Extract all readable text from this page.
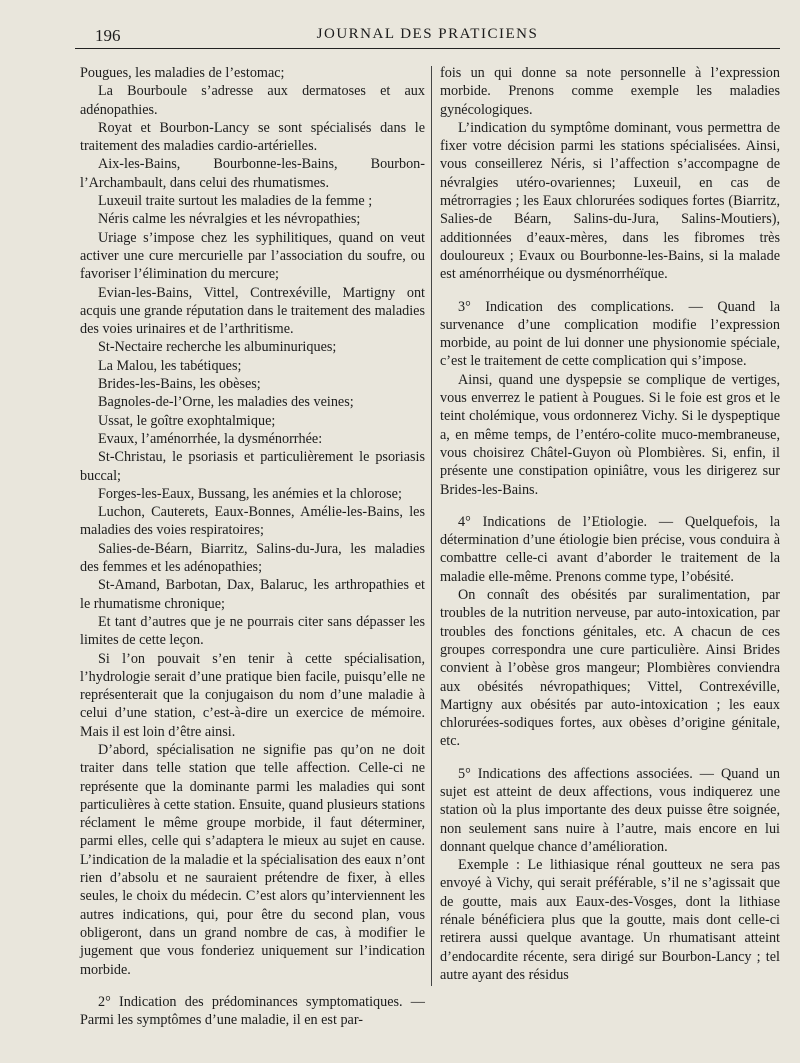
196	JOURNAL DES PRATICIENS

Pougues, les maladies de l’estomac;

La Bourboule s’adresse aux dermatoses et aux adénopathies.

Royat et Bourbon-Lancy se sont spécialisés dans le traitement des maladies cardio-artérielles.

Aix-les-Bains, Bourbonne-les-Bains, Bourbon-l’Archambault, dans celui des rhumatismes.

Luxeuil traite surtout les maladies de la femme ;

Néris calme les névralgies et les névropathies;

Uriage s’impose chez les syphilitiques, quand on veut activer une cure mercurielle par l’association du soufre, ou favoriser l’élimination du mercure;

Evian-les-Bains, Vittel, Contrexéville, Martigny ont acquis une grande réputation dans le traitement des maladies des voies urinaires et de l’arthritisme.

St-Nectaire recherche les albuminuriques;

La Malou, les tabétiques;

Brides-les-Bains, les obèses;

Bagnoles-de-l’Orne, les maladies des veines;

Ussat, le goître exophtalmique;

Evaux, l’aménorrhée, la dysménorrhée:

St-Christau, le psoriasis et particulièrement le psoriasis buccal;

Forges-les-Eaux, Bussang, les anémies et la chlorose;

Luchon, Cauterets, Eaux-Bonnes, Amélie-les-Bains, les maladies des voies respiratoires;

Salies-de-Béarn, Biarritz, Salins-du-Jura, les maladies des femmes et les adénopathies;

St-Amand, Barbotan, Dax, Balaruc, les arthropathies et le rhumatisme chronique;

Et tant d’autres que je ne pourrais citer sans dépasser les limites de cette leçon.

Si l’on pouvait s’en tenir à cette spécialisation, l’hydrologie serait d’une pratique bien facile, puisqu’elle ne représenterait que la conjugaison du nom d’une maladie à celui d’une station, c’est-à-dire un exercice de mémoire. Mais il est loin d’être ainsi.

D’abord, spécialisation ne signifie pas qu’on ne doit traiter dans telle station que telle affection. Celle-ci ne représente que la dominante parmi les maladies qui sont particulières à cette station. Ensuite, quand plusieurs stations réclament le même groupe morbide, il faut déterminer, parmi elles, celle qui s’adaptera le mieux au sujet en cause. L’indication de la maladie et la spécialisation des eaux n’ont rien d’absolu et ne sauraient prétendre de fixer, à elles seules, le choix du médecin. C’est alors qu’interviennent les autres indications, qui, pour être du second plan, vous obligeront, dans un grand nombre de cas, à modifier le jugement que vous fonderiez uniquement sur l’indication morbide.

2° Indication des prédominances symptomatiques. — Parmi les symptômes d’une maladie, il en est par-

fois un qui donne sa note personnelle à l’expression morbide. Prenons comme exemple les maladies gynécologiques.

L’indication du symptôme dominant, vous permettra de fixer votre décision parmi les stations spécialisées. Ainsi, vous conseillerez Néris, si l’affection s’accompagne de névralgies utéro-ovariennes; Luxeuil, en cas de métrorragies ; les Eaux chlorurées sodiques fortes (Biarritz, Salies-de Béarn, Salins-du-Jura, Salins-Moutiers), additionnées d’eaux-mères, dans les fibromes très douloureux ; Evaux ou Bourbonne-les-Bains, si la malade est aménorrhéique ou dysménorrhéïque.

3° Indication des complications. — Quand la survenance d’une complication modifie l’expression morbide, au point de lui donner une physionomie spéciale, c’est le traitement de cette complication qui s’impose.

Ainsi, quand une dyspepsie se complique de vertiges, vous enverrez le patient à Pougues. Si le foie est gros et le teint cholémique, vous ordonnerez Vichy. Si le dyspeptique a, en même temps, de l’entéro-colite muco-membraneuse, vous choisirez Châtel-Guyon où Plombières. Si, enfin, il présente une constipation opiniâtre, vous les dirigerez sur Brides-les-Bains.

4° Indications de l’Etiologie. — Quelquefois, la détermination d’une étiologie bien précise, vous conduira à combattre celle-ci avant d’aborder le traitement de la maladie elle-même. Prenons comme type, l’obésité.

On connaît des obésités par suralimentation, par troubles de la nutrition nerveuse, par auto-intoxication, par troubles des fonctions génitales, etc. A chacun de ces groupes correspondra une cure particulière. Ainsi Brides convient à l’obèse gros mangeur; Plombières conviendra aux obésités névropathiques; Vittel, Contrexéville, Martigny aux obésités par auto-intoxication ; les eaux chlorurées-sodiques fortes, aux obèses d’origine génitale, etc.

5° Indications des affections associées. — Quand un sujet est atteint de deux affections, vous indiquerez une station où la plus importante des deux puisse être soignée, non seulement sans nuire à l’autre, mais encore en lui donnant quelque chance d’amélioration.

Exemple : Le lithiasique rénal goutteux ne sera pas envoyé à Vichy, qui serait préférable, s’il ne s’agissait que de goutte, mais aux Eaux-des-Vosges, dont la lithiase rénale bénéficiera plus que la goutte, mais dont celle-ci retirera aussi quelque avantage. Un rhumatisant atteint d’endocardite récente, sera dirigé sur Bourbon-Lancy ; tel autre ayant des résidus
